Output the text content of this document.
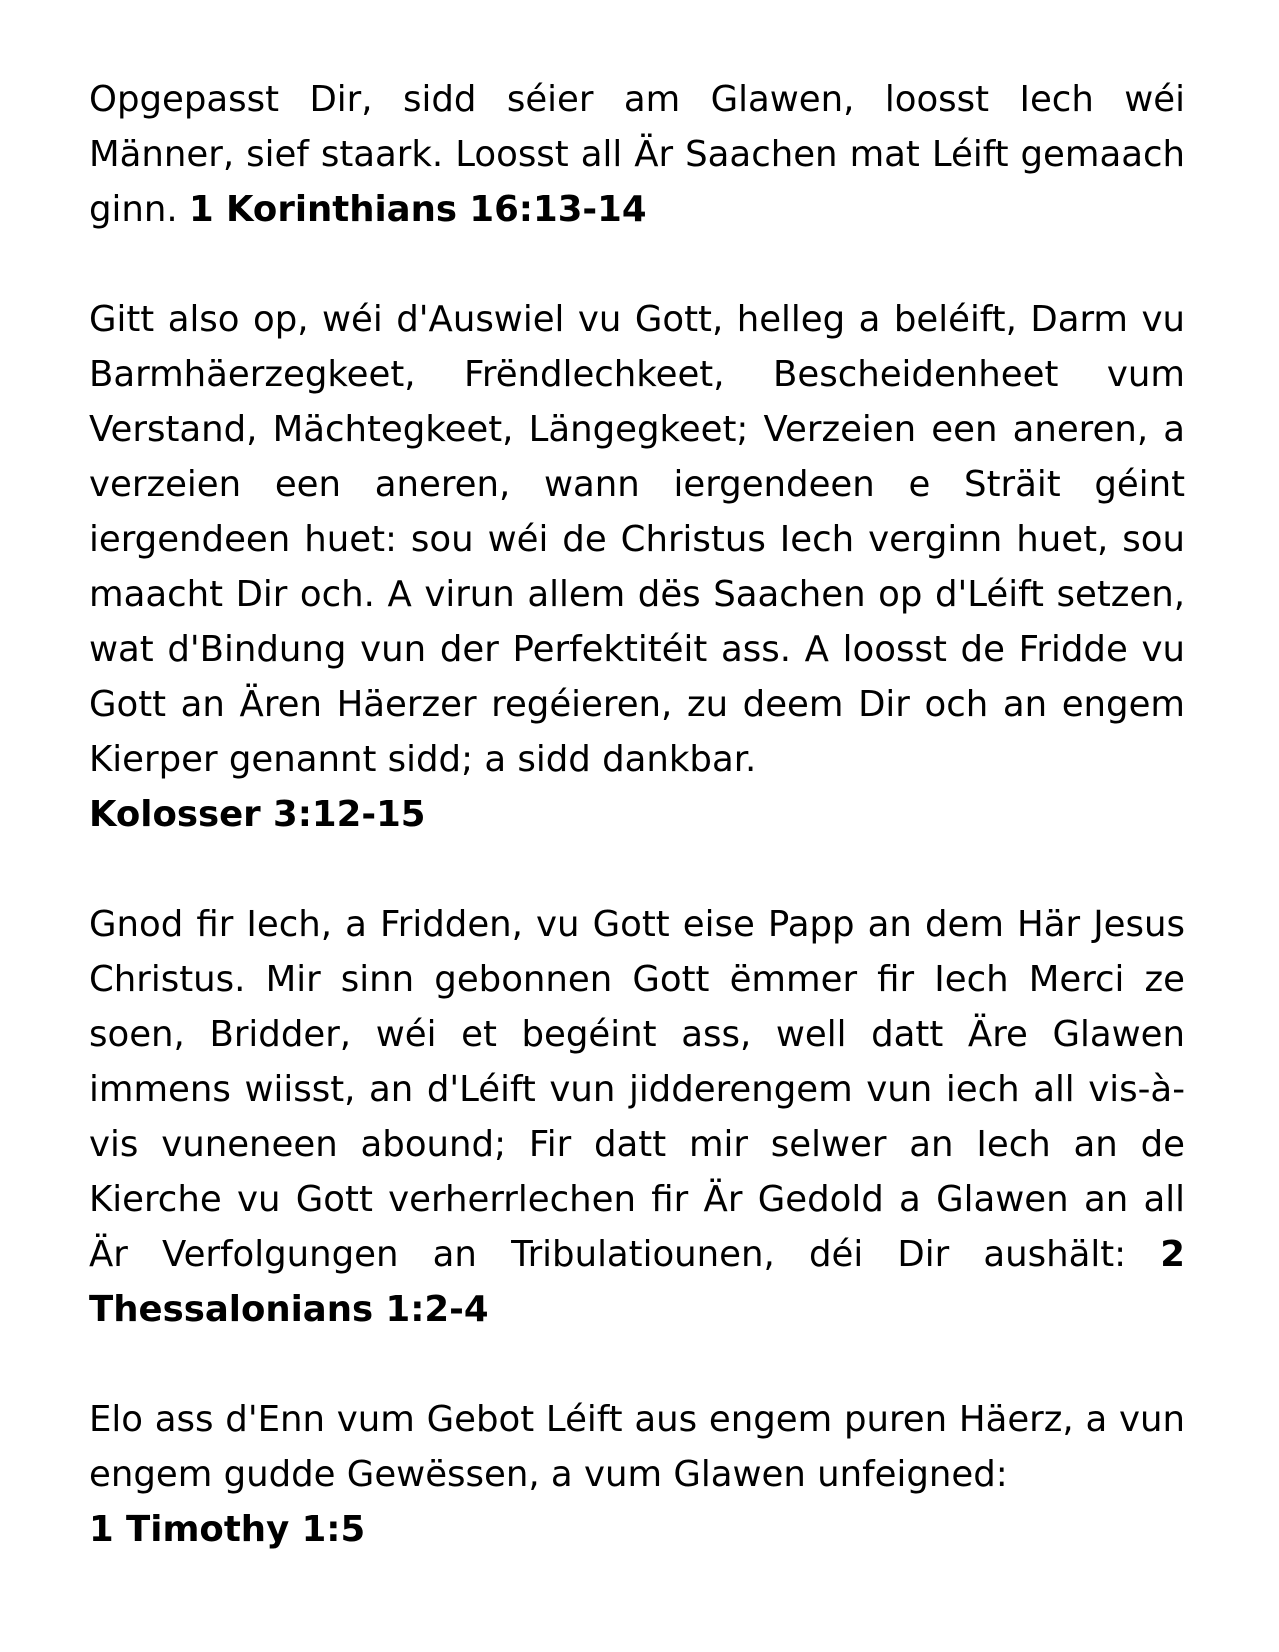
Opgepasst Dir, sidd séier am Glawen, loosst Iech wéi Männer, sief staark. Loosst all Är Saachen mat Léift gemaach ginn. 1 Korinthians 16:13-14

Gitt also op, wéi d'Auswiel vu Gott, helleg a beléift, Darm vu Barmhäerzegkeet, Frëndlechkeet, Bescheidenheet vum Verstand, Mächtegkeet, Längegkeet; Verzeien een aneren, a verzeien een aneren, wann iergendeen e Sträit géint iergendeen huet: sou wéi de Christus Iech verginn huet, sou maacht Dir och. A virun allem dës Saachen op d'Léift setzen, wat d'Bindung vun der Perfektitéit ass. A loosst de Fridde vu Gott an Ären Häerzer regéieren, zu deem Dir och an engem Kierper genannt sidd; a sidd dankbar.
Kolosser 3:12-15

Gnod fir Iech, a Fridden, vu Gott eise Papp an dem Här Jesus Christus. Mir sinn gebonnen Gott ëmmer fir Iech Merci ze soen, Bridder, wéi et begéint ass, well datt Äre Glawen immens wiisst, an d'Léift vun jidderengem vun iech all vis-à-vis vuneneen abound; Fir datt mir selwer an Iech an de Kierche vu Gott verherrlechen fir Är Gedold a Glawen an all Är Verfolgungen an Tribulatiounen, déi Dir aushält: 2 Thessalonians 1:2-4

Elo ass d'Enn vum Gebot Léift aus engem puren Häerz, a vun engem gudde Gewëssen, a vum Glawen unfeigned:
1 Timothy 1:5
